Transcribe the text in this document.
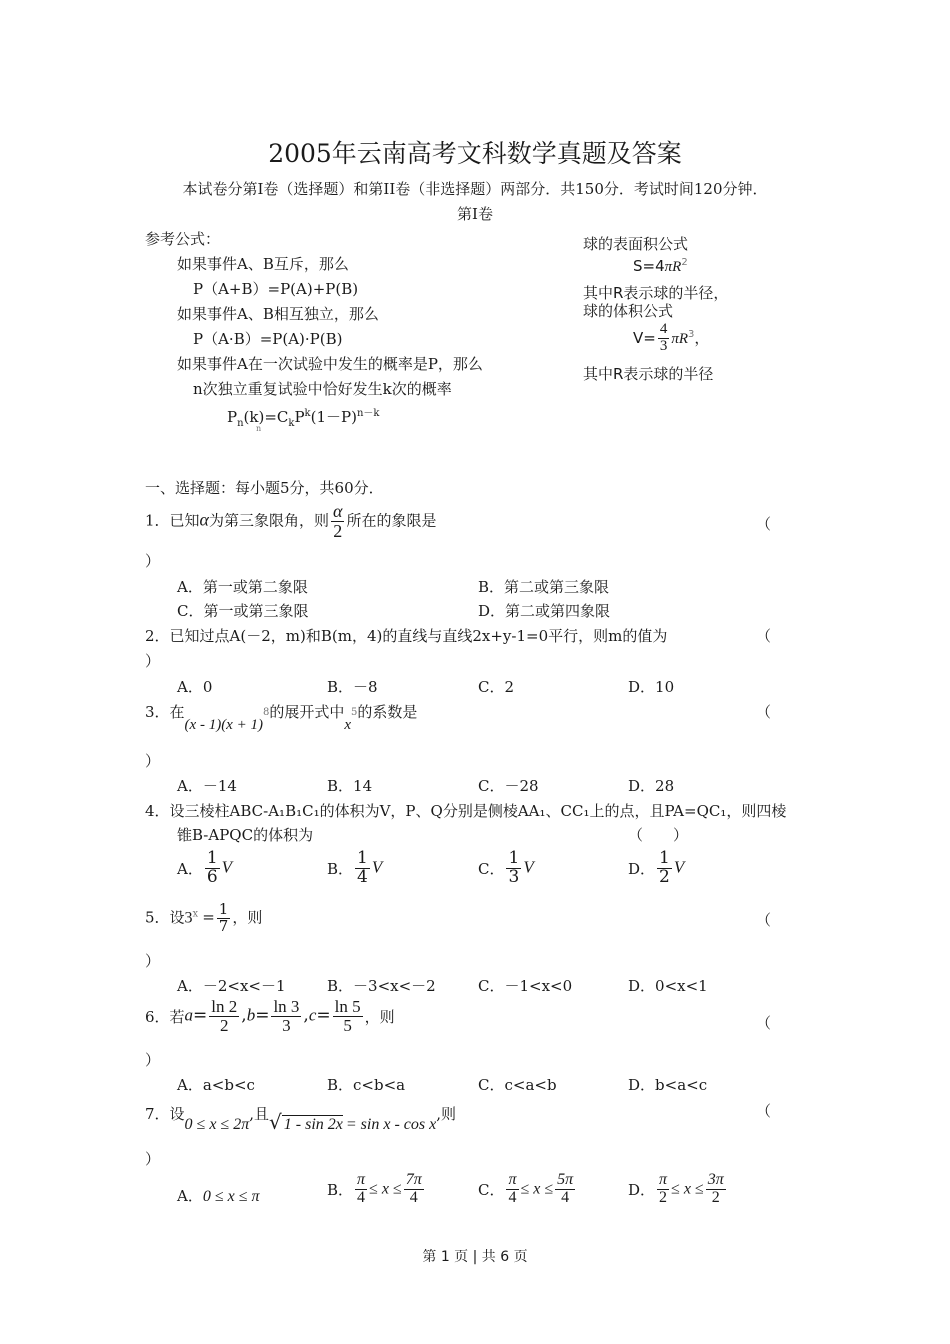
2005年云南高考文科数学真题及答案
本试卷分第Ⅰ卷（选择题）和第II卷（非选择题）两部分．共150分．考试时间120分钟．
第Ⅰ卷
参考公式：
如果事件A、B互斥，那么
P（A+B）=P(A)+P(B)
如果事件A、B相互独立，那么
P（A·B）=P(A)·P(B)
如果事件A在一次试验中发生的概率是P，那么
n次独立重复试验中恰好发生k次的概率
$P_n(k)=C_kP^k(1-P)^{n-k}$
n
球的表面积公式
$S=4\pi R^2$
其中R表示球的半径，
球的体积公式
$V= \frac{4}{3} \pi R^3$，
其中R表示球的半径
一、选择题：每小题5分，共60分．
1．已知α为第三象限角，则 $\frac{\alpha}{2}$ 所在的象限是	（
）
A．第一或第二象限	B．第二或第三象限
C．第一或第三象限	D．第二或第四象限
2．已知过点A(－2，m)和B(m，4)的直线与直线2x+y-1=0平行，则m的值为	（
）
A．0	B．－8	C．2	D．10
3．在$(x - 1)(x + 1)^8$的展开式中$x^5$的系数是	（
）
A．－14	B．14	C．－28	D．28
4．设三棱柱ABC-A₁B₁C₁的体积为V，P、Q分别是侧棱AA₁、CC₁上的点，且PA=QC₁，则四棱
锥B-APQC的体积为	（　　）
A． $\frac{1}{6}$ V	B． $\frac{1}{4}$ V	C． $\frac{1}{3}$ V	D． $\frac{1}{2}$ V
5．设$3^x = \frac{1}{7}$ ，则	（
）
A．－2<x<－1	B．－3<x<－2	C．－1<x<0	D．0<x<1
6．若$a= \frac{\ln 2}{2} ,b= \frac{\ln 3}{3} ,c= \frac{\ln 5}{5}$ ，则	（
）
A．a<b<c	B．c<b<a	C．c<a<b	D．b<a<c
7．设0 ≤ x ≤ 2π,且√ 1 - sin 2x = sin x - cos x,则	（
）
A．0 ≤ x ≤ π	B． $\frac{\pi}{4} \le x \le \frac{7\pi}{4}$	C． $\frac{\pi}{4} \le x \le \frac{5\pi}{4}$	D． $\frac{\pi}{2} \le x \le \frac{3\pi}{2}$
第 1 页 | 共 6 页
